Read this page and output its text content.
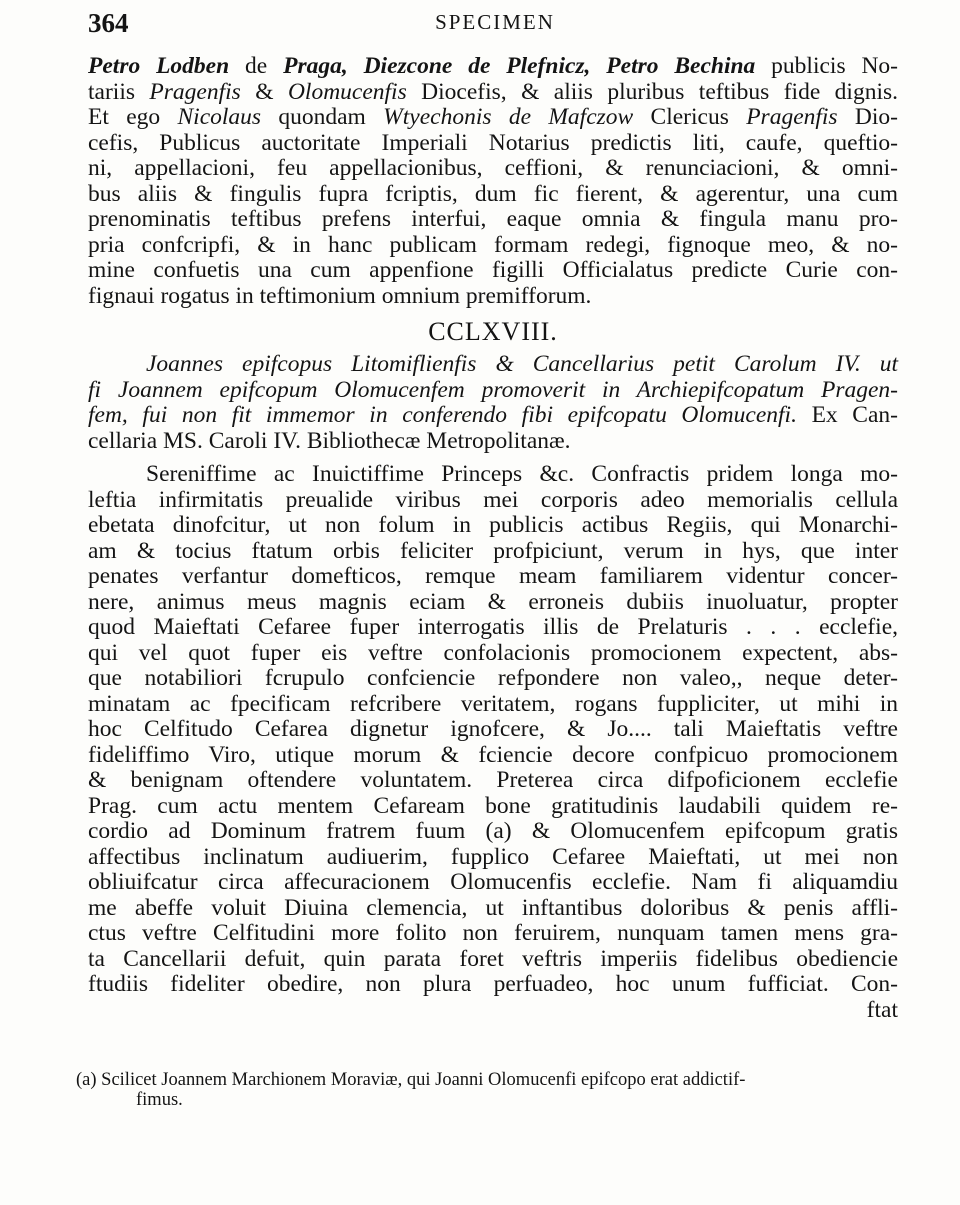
364	SPECIMEN
Petro Lodben de Praga, Diezcone de Plefnicz, Petro Bechina publicis No-
tariis Pragenfis & Olomucenfis Diocefis, & aliis pluribus teftibus fide dignis.
Et ego Nicolaus quondam Wtyechonis de Mafczow Clericus Pragenfis Dio-
cefis, Publicus auctoritate Imperiali Notarius predictis liti, caufe, queftio-
ni, appellacioni, feu appellacionibus, ceffioni, & renunciacioni, & omni-
bus aliis & fingulis fupra fcriptis, dum fic fierent, & agerentur, una cum
prenominatis teftibus prefens interfui, eaque omnia & fingula manu pro-
pria confcripfi, & in hanc publicam formam redegi, fignoque meo, & no-
mine confuetis una cum appenfione figilli Officialatus predicte Curie con-
fignaui rogatus in teftimonium omnium premifforum.
CCLXVIII.
Joannes epifcopus Litomiflienfis & Cancellarius petit Carolum IV. ut
fi Joannem epifcopum Olomucenfem promoverit in Archiepifcopatum Pragen-
fem, fui non fit immemor in conferendo fibi epifcopatu Olomucenfi. Ex Can-
cellaria MS. Caroli IV. Bibliothecæ Metropolitanæ.
Sereniffime ac Inuictiffime Princeps &c. Confractis pridem longa mo-
leftia infirmitatis preualide viribus mei corporis adeo memorialis cellula
ebetata dinofcitur, ut non folum in publicis actibus Regiis, qui Monarchi-
am & tocius ftatum orbis feliciter profpiciunt, verum in hys, que inter
penates verfantur domefticos, remque meam familiarem videntur concer-
nere, animus meus magnis eciam & erroneis dubiis inuoluatur, propter
quod Maieftati Cefaree fuper interrogatis illis de Prelaturis . . . ecclefie,
qui vel quot fuper eis veftre confolacionis promocionem expectent, abs-
que notabiliori fcrupulo confciencie refpondere non valeo,, neque deter-
minatam ac fpecificam refcribere veritatem, rogans fuppliciter, ut mihi in
hoc Celfitudo Cefarea dignetur ignofcere, & Jo.... tali Maieftatis veftre
fideliffimo Viro, utique morum & fciencie decore confpicuo promocionem
& benignam oftendere voluntatem. Preterea circa difpoficionem ecclefie
Prag. cum actu mentem Cefaream bone gratitudinis laudabili quidem re-
cordio ad Dominum fratrem fuum (a) & Olomucenfem epifcopum gratis
affectibus inclinatum audiuerim, fupplico Cefaree Maieftati, ut mei non
obliuifcatur circa affecuracionem Olomucenfis ecclefie. Nam fi aliquamdiu
me abeffe voluit Diuina clemencia, ut inftantibus doloribus & penis affli-
ctus veftre Celfitudini more folito non feruirem, nunquam tamen mens gra-
ta Cancellarii defuit, quin parata foret veftris imperiis fidelibus obediencie
ftudiis fideliter obedire, non plura perfuadeo, hoc unum fufficiat. Con-
ftat
(a) Scilicet Joannem Marchionem Moraviæ, qui Joanni Olomucenfi epifcopo erat addictif-
fimus.
